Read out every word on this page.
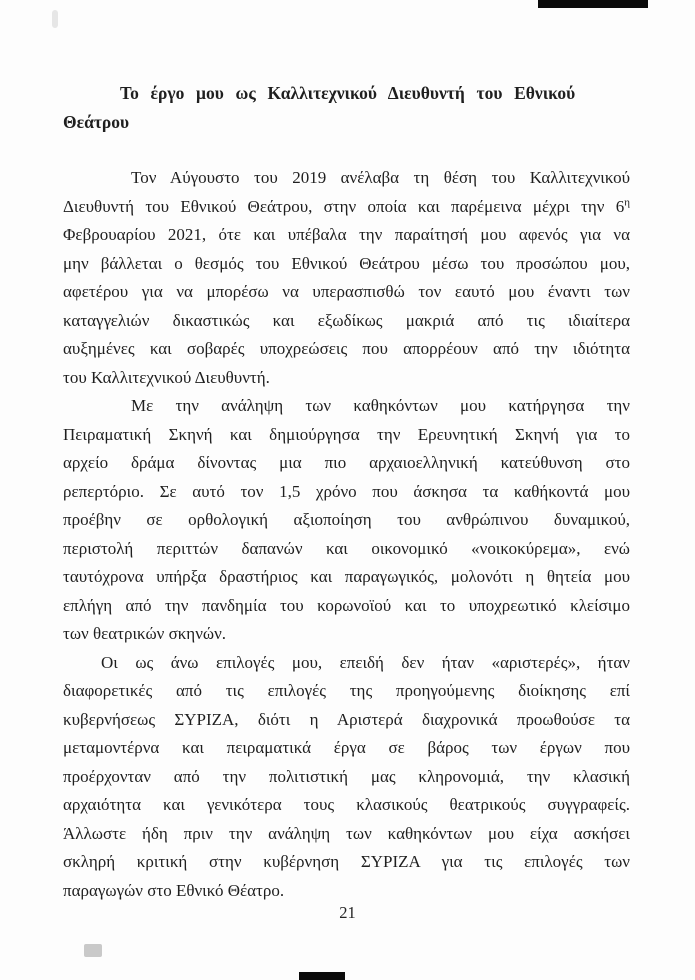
Το έργο μου ως Καλλιτεχνικού Διευθυντή του Εθνικού
Θεάτρου
Τον Αύγουστο του 2019 ανέλαβα τη θέση του Καλλιτεχνικού
Διευθυντή του Εθνικού Θεάτρου, στην οποία και παρέμεινα μέχρι την $6^\eta$
Φεβρουαρίου 2021, ότε και υπέβαλα την παραίτησή μου αφενός για να
μην βάλλεται ο θεσμός του Εθνικού Θεάτρου μέσω του προσώπου μου,
αφετέρου για να μπορέσω να υπερασπισθώ τον εαυτό μου έναντι των
καταγγελιών δικαστικώς και εξωδίκως μακριά από τις ιδιαίτερα
αυξημένες και σοβαρές υποχρεώσεις που απορρέουν από την ιδιότητα
του Καλλιτεχνικού Διευθυντή.
Με την ανάληψη των καθηκόντων μου κατήργησα την
Πειραματική Σκηνή και δημιούργησα την Ερευνητική Σκηνή για το
αρχείο δράμα δίνοντας μια πιο αρχαιοελληνική κατεύθυνση στο
ρεπερτόριο. Σε αυτό τον 1,5 χρόνο που άσκησα τα καθήκοντά μου
προέβην σε ορθολογική αξιοποίηση του ανθρώπινου δυναμικού,
περιστολή περιττών δαπανών και οικονομικό «νοικοκύρεμα», ενώ
ταυτόχρονα υπήρξα δραστήριος και παραγωγικός, μολονότι η θητεία μου
επλήγη από την πανδημία του κορωνοϊού και το υποχρεωτικό κλείσιμο
των θεατρικών σκηνών.
Οι ως άνω επιλογές μου, επειδή δεν ήταν «αριστερές», ήταν
διαφορετικές από τις επιλογές της προηγούμενης διοίκησης επί
κυβερνήσεως ΣΥΡΙΖΑ, διότι η Αριστερά διαχρονικά προωθούσε τα
μεταμοντέρνα και πειραματικά έργα σε βάρος των έργων που
προέρχονταν από την πολιτιστική μας κληρονομιά, την κλασική
αρχαιότητα και γενικότερα τους κλασικούς θεατρικούς συγγραφείς.
Άλλωστε ήδη πριν την ανάληψη των καθηκόντων μου είχα ασκήσει
σκληρή κριτική στην κυβέρνηση ΣΥΡΙΖΑ για τις επιλογές των
παραγωγών στο Εθνικό Θέατρο.
21
